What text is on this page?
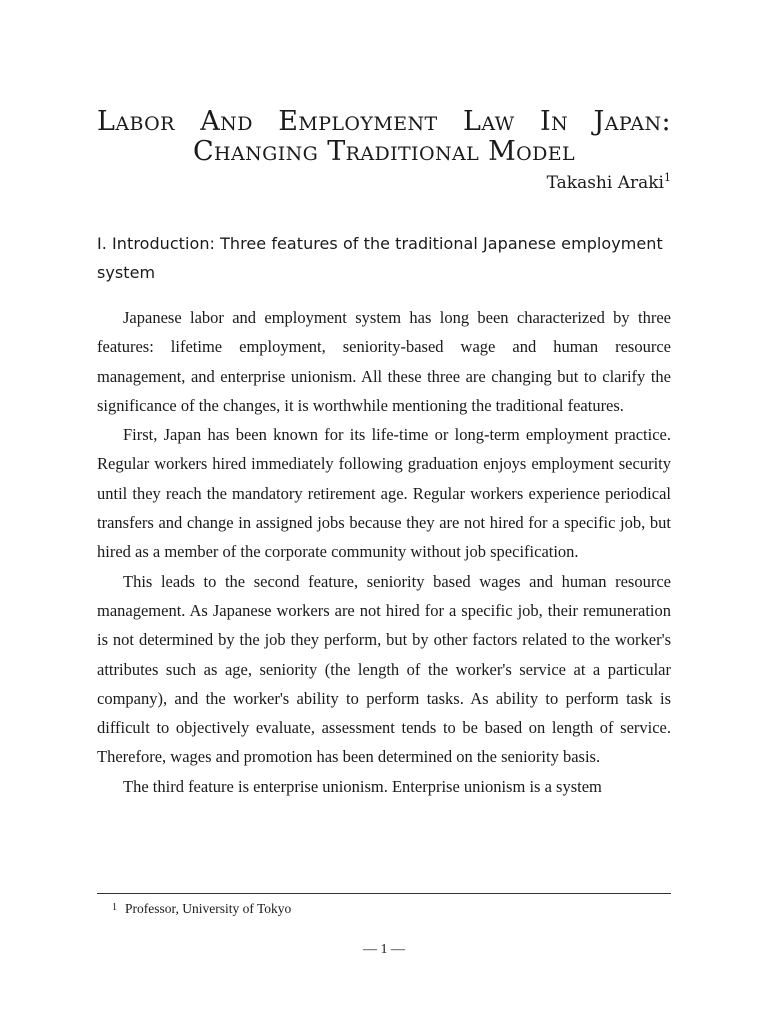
Labor And Employment Law In Japan:
Changing Traditional Model
Takashi Araki$^1$
I. Introduction: Three features of the traditional Japanese employment system

Japanese labor and employment system has long been characterized by three features: lifetime employment, seniority-based wage and human resource management, and enterprise unionism. All these three are changing but to clarify the significance of the changes, it is worthwhile mentioning the traditional features.

First, Japan has been known for its life-time or long-term employment practice. Regular workers hired immediately following graduation enjoys employment security until they reach the mandatory retirement age. Regular workers experience periodical transfers and change in assigned jobs because they are not hired for a specific job, but hired as a member of the corporate community without job specification.

This leads to the second feature, seniority based wages and human resource management. As Japanese workers are not hired for a specific job, their remuneration is not determined by the job they perform, but by other factors related to the worker's attributes such as age, seniority (the length of the worker's service at a particular company), and the worker's ability to perform tasks. As ability to perform task is difficult to objectively evaluate, assessment tends to be based on length of service. Therefore, wages and promotion has been determined on the seniority basis.

The third feature is enterprise unionism. Enterprise unionism is a system

1 Professor, University of Tokyo
— 1 —
